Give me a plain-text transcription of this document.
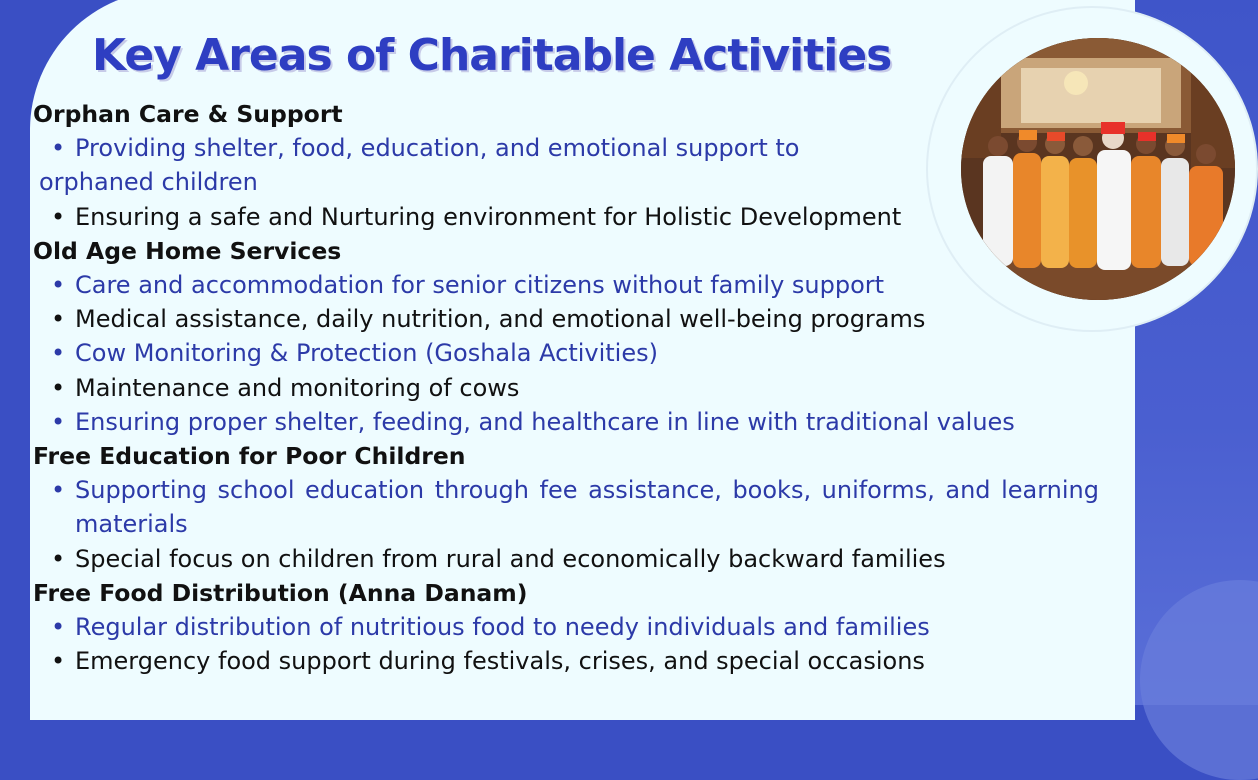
Key Areas of Charitable Activities
Orphan Care & Support
• Providing shelter, food, education, and emotional support to
orphaned children
• Ensuring a safe and Nurturing environment for Holistic Development
Old Age Home Services
• Care and accommodation for senior citizens without family support
• Medical assistance, daily nutrition, and emotional well-being programs
• Cow Monitoring & Protection (Goshala Activities)
• Maintenance and monitoring of cows
• Ensuring proper shelter, feeding, and healthcare in line with traditional values
Free Education for Poor Children
• Supporting school education through fee assistance, books, uniforms, and learning materials
• Special focus on children from rural and economically backward families
Free Food Distribution (Anna Danam)
• Regular distribution of nutritious food to needy individuals and families
• Emergency food support during festivals, crises, and special occasions
